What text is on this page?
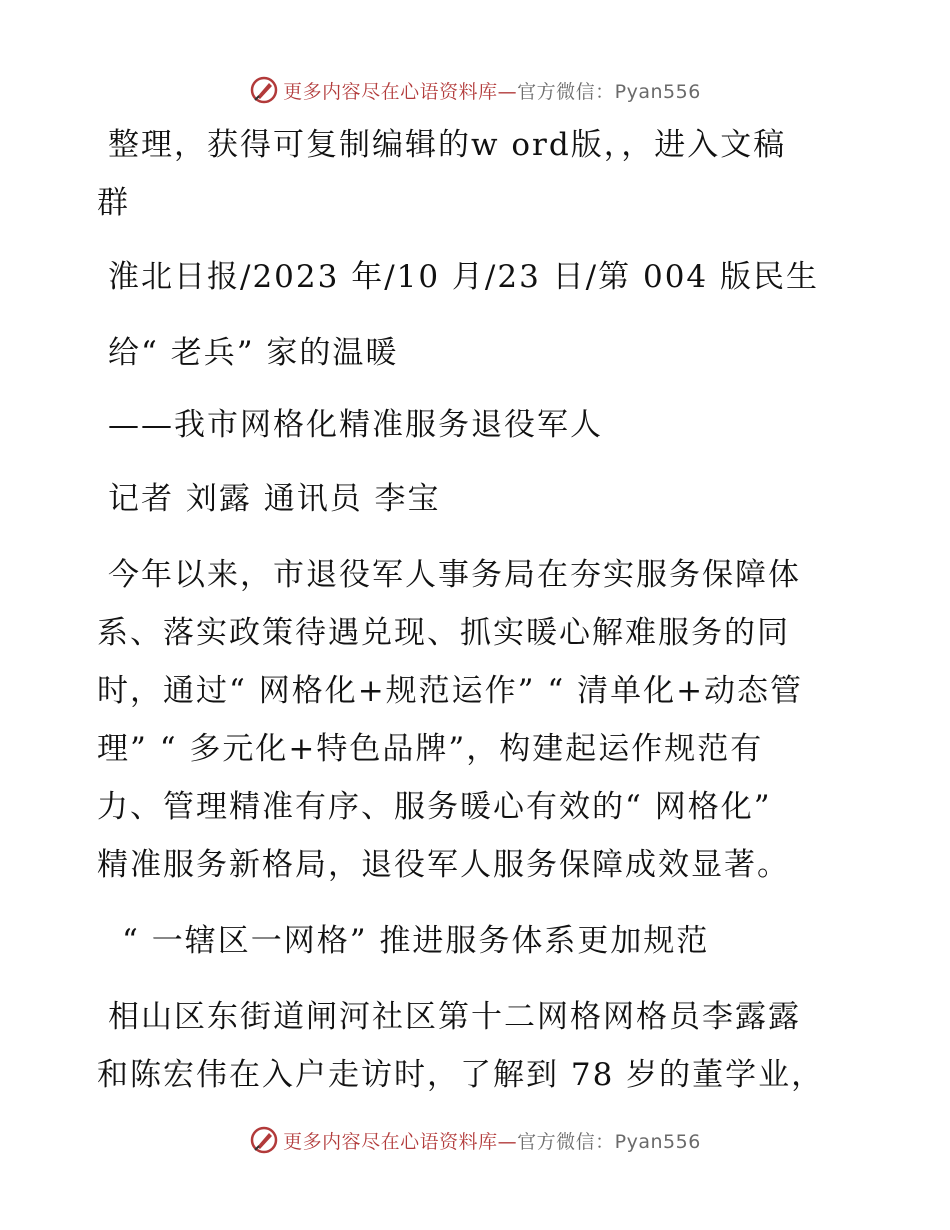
更多内容尽在心语资料库—官方微信：Pyan556
整理，获得可复制编辑的w ord版，，进入文稿
群
淮北日报/2023 年/10 月/23 日/第 004 版民生
给“ 老兵” 家的温暖
——我市网格化精准服务退役军人
记者 刘露 通讯员 李宝
今年以来，市退役军人事务局在夯实服务保障体
系、落实政策待遇兑现、抓实暖心解难服务的同
时，通过“ 网格化+规范运作” “ 清单化+动态管
理” “ 多元化+特色品牌”，构建起运作规范有
力、管理精准有序、服务暖心有效的“ 网格化”
精准服务新格局，退役军人服务保障成效显著。
“ 一辖区一网格” 推进服务体系更加规范
相山区东街道闸河社区第十二网格网格员李露露
和陈宏伟在入户走访时，了解到 78 岁的董学业，
更多内容尽在心语资料库—官方微信：Pyan556
